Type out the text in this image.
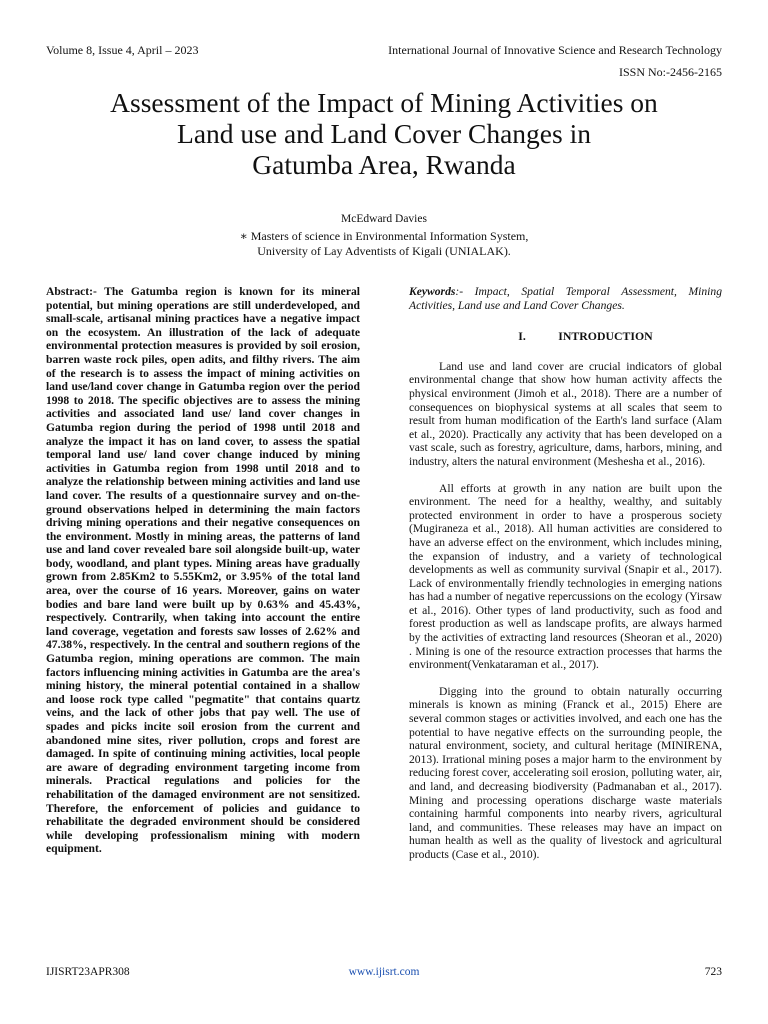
Volume 8, Issue 4, April – 2023	International Journal of Innovative Science and Research Technology
ISSN No:-2456-2165
Assessment of the Impact of Mining Activities on
Land use and Land Cover Changes in
Gatumba Area, Rwanda
McEdward Davies
∗ Masters of science in Environmental Information System,
University of Lay Adventists of Kigali (UNIALAK).

Abstract:- The Gatumba region is known for its mineral potential, but mining operations are still underdeveloped, and small-scale, artisanal mining practices have a negative impact on the ecosystem. An illustration of the lack of adequate environmental protection measures is provided by soil erosion, barren waste rock piles, open adits, and filthy rivers. The aim of the research is to assess the impact of mining activities on land use/land cover change in Gatumba region over the period 1998 to 2018. The specific objectives are to assess the mining activities and associated land use/ land cover changes in Gatumba region during the period of 1998 until 2018 and analyze the impact it has on land cover, to assess the spatial temporal land use/ land cover change induced by mining activities in Gatumba region from 1998 until 2018 and to analyze the relationship between mining activities and land use land cover. The results of a questionnaire survey and on-the-ground observations helped in determining the main factors driving mining operations and their negative consequences on the environment. Mostly in mining areas, the patterns of land use and land cover revealed bare soil alongside built-up, water body, woodland, and plant types. Mining areas have gradually grown from 2.85Km2 to 5.55Km2, or 3.95% of the total land area, over the course of 16 years. Moreover, gains on water bodies and bare land were built up by 0.63% and 45.43%, respectively. Contrarily, when taking into account the entire land coverage, vegetation and forests saw losses of 2.62% and 47.38%, respectively. In the central and southern regions of the Gatumba region, mining operations are common. The main factors influencing mining activities in Gatumba are the area's mining history, the mineral potential contained in a shallow and loose rock type called "pegmatite" that contains quartz veins, and the lack of other jobs that pay well. The use of spades and picks incite soil erosion from the current and abandoned mine sites, river pollution, crops and forest are damaged. In spite of continuing mining activities, local people are aware of degrading environment targeting income from minerals. Practical regulations and policies for the rehabilitation of the damaged environment are not sensitized. Therefore, the enforcement of policies and guidance to rehabilitate the degraded environment should be considered while developing professionalism mining with modern equipment.

Keywords:- Impact, Spatial Temporal Assessment, Mining Activities, Land use and Land Cover Changes.

I.	INTRODUCTION

Land use and land cover are crucial indicators of global environmental change that show how human activity affects the physical environment (Jimoh et al., 2018). There are a number of consequences on biophysical systems at all scales that seem to result from human modification of the Earth's land surface (Alam et al., 2020). Practically any activity that has been developed on a vast scale, such as forestry, agriculture, dams, harbors, mining, and industry, alters the natural environment (Meshesha et al., 2016).

All efforts at growth in any nation are built upon the environment. The need for a healthy, wealthy, and suitably protected environment in order to have a prosperous society (Mugiraneza et al., 2018). All human activities are considered to have an adverse effect on the environment, which includes mining, the expansion of industry, and a variety of technological developments as well as community survival (Snapir et al., 2017). Lack of environmentally friendly technologies in emerging nations has had a number of negative repercussions on the ecology (Yirsaw et al., 2016). Other types of land productivity, such as food and forest production as well as landscape profits, are always harmed by the activities of extracting land resources (Sheoran et al., 2020) . Mining is one of the resource extraction processes that harms the environment(Venkataraman et al., 2017).

Digging into the ground to obtain naturally occurring minerals is known as mining (Franck et al., 2015) Ehere are several common stages or activities involved, and each one has the potential to have negative effects on the surrounding people, the natural environment, society, and cultural heritage (MINIRENA, 2013). Irrational mining poses a major harm to the environment by reducing forest cover, accelerating soil erosion, polluting water, air, and land, and decreasing biodiversity (Padmanaban et al., 2017). Mining and processing operations discharge waste materials containing harmful components into nearby rivers, agricultural land, and communities. These releases may have an impact on human health as well as the quality of livestock and agricultural products (Case et al., 2010).

IJISRT23APR308	www.ijisrt.com	723
